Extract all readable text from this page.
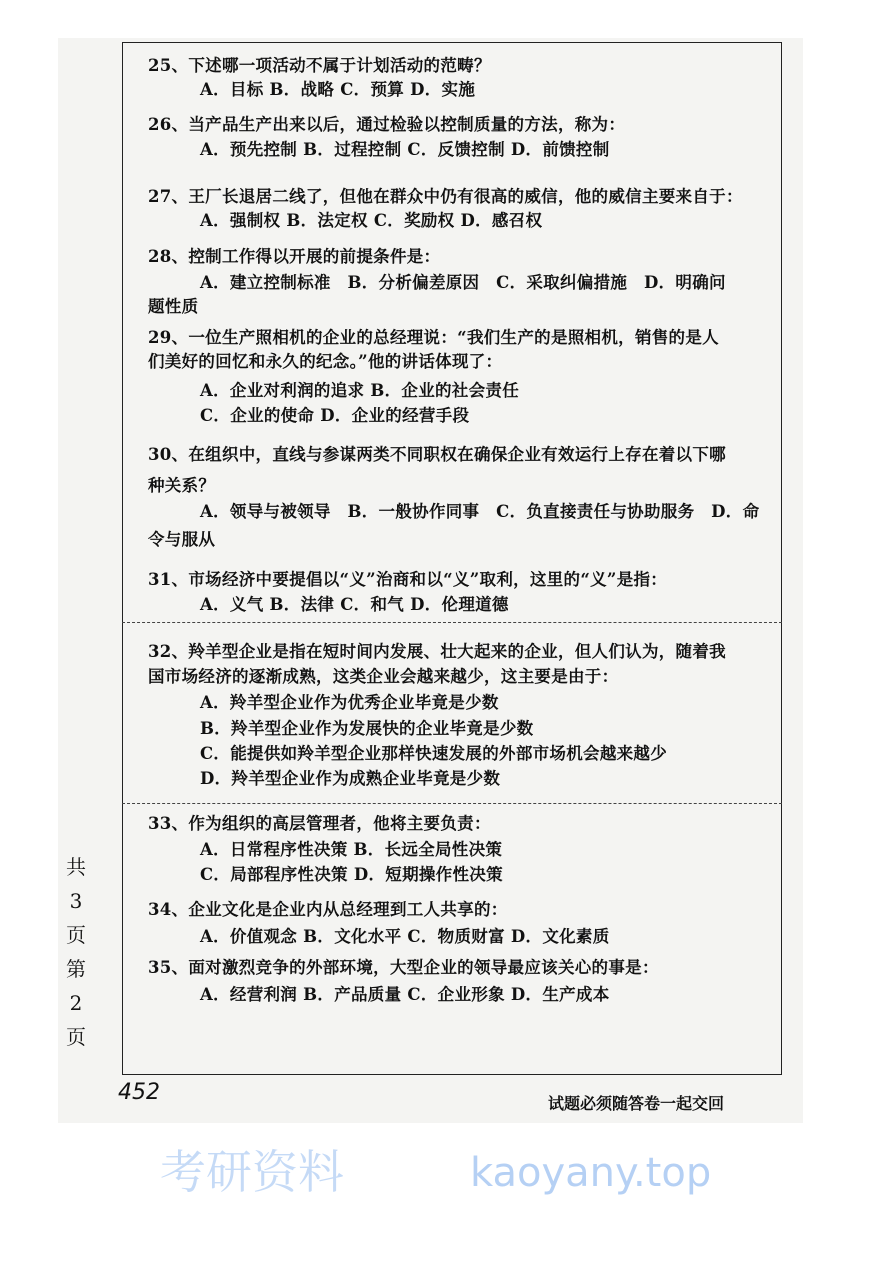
25、下述哪一项活动不属于计划活动的范畴？
A．目标 B．战略 C．预算 D．实施
26、当产品生产出来以后，通过检验以控制质量的方法，称为：
A．预先控制 B．过程控制 C．反馈控制 D．前馈控制
27、王厂长退居二线了，但他在群众中仍有很高的威信，他的威信主要来自于：
A．强制权 B．法定权 C．奖励权 D．感召权
28、控制工作得以开展的前提条件是：
A．建立控制标准　B．分析偏差原因　C．采取纠偏措施　D．明确问
题性质
29、一位生产照相机的企业的总经理说：“我们生产的是照相机，销售的是人
们美好的回忆和永久的纪念。”他的讲话体现了：
A．企业对利润的追求 B．企业的社会责任
C．企业的使命 D．企业的经营手段
30、在组织中，直线与参谋两类不同职权在确保企业有效运行上存在着以下哪
种关系？
A．领导与被领导　B．一般协作同事　C．负直接责任与协助服务　D．命
令与服从
31、市场经济中要提倡以“义”治商和以“义”取利，这里的“义”是指：
A．义气 B．法律 C．和气 D．伦理道德
32、羚羊型企业是指在短时间内发展、壮大起来的企业，但人们认为，随着我
国市场经济的逐渐成熟，这类企业会越来越少，这主要是由于：
A．羚羊型企业作为优秀企业毕竟是少数
B．羚羊型企业作为发展快的企业毕竟是少数
C．能提供如羚羊型企业那样快速发展的外部市场机会越来越少
D．羚羊型企业作为成熟企业毕竟是少数
33、作为组织的高层管理者，他将主要负责：
A．日常程序性决策 B．长远全局性决策
C．局部程序性决策 D．短期操作性决策
34、企业文化是企业内从总经理到工人共享的：
A．价值观念 B．文化水平 C．物质财富 D．文化素质
35、面对激烈竞争的外部环境，大型企业的领导最应该关心的事是：
A．经营利润 B．产品质量 C．企业形象 D．生产成本
共3页第2页
452	试题必须随答卷一起交回
考研资料	kaoyany.top
